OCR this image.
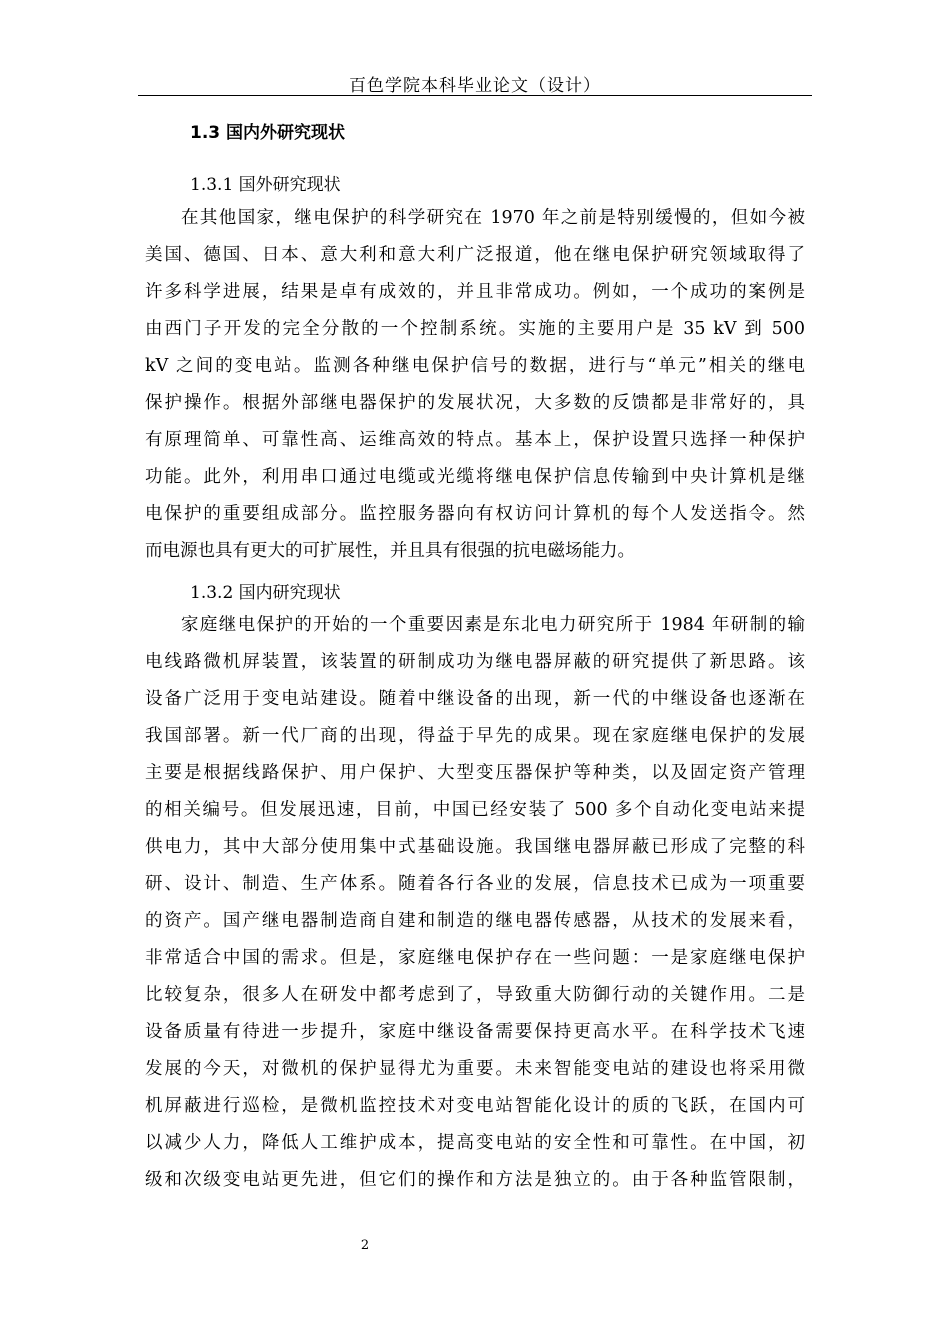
百色学院本科毕业论文（设计）
1.3 国内外研究现状
1.3.1 国外研究现状
在其他国家，继电保护的科学研究在 1970 年之前是特别缓慢的，但如今被
美国、德国、日本、意大利和意大利广泛报道，他在继电保护研究领域取得了
许多科学进展，结果是卓有成效的，并且非常成功。例如，一个成功的案例是
由西门子开发的完全分散的一个控制系统。实施的主要用户是 35 kV 到 500
kV 之间的变电站。监测各种继电保护信号的数据，进行与“单元”相关的继电
保护操作。根据外部继电器保护的发展状况，大多数的反馈都是非常好的，具
有原理简单、可靠性高、运维高效的特点。基本上，保护设置只选择一种保护
功能。此外，利用串口通过电缆或光缆将继电保护信息传输到中央计算机是继
电保护的重要组成部分。监控服务器向有权访问计算机的每个人发送指令。然
而电源也具有更大的可扩展性，并且具有很强的抗电磁场能力。
1.3.2 国内研究现状
家庭继电保护的开始的一个重要因素是东北电力研究所于 1984 年研制的输
电线路微机屏装置，该装置的研制成功为继电器屏蔽的研究提供了新思路。该
设备广泛用于变电站建设。随着中继设备的出现，新一代的中继设备也逐渐在
我国部署。新一代厂商的出现，得益于早先的成果。现在家庭继电保护的发展
主要是根据线路保护、用户保护、大型变压器保护等种类，以及固定资产管理
的相关编号。但发展迅速，目前，中国已经安装了 500 多个自动化变电站来提
供电力，其中大部分使用集中式基础设施。我国继电器屏蔽已形成了完整的科
研、设计、制造、生产体系。随着各行各业的发展，信息技术已成为一项重要
的资产。国产继电器制造商自建和制造的继电器传感器，从技术的发展来看，
非常适合中国的需求。但是，家庭继电保护存在一些问题：一是家庭继电保护
比较复杂，很多人在研发中都考虑到了，导致重大防御行动的关键作用。二是
设备质量有待进一步提升，家庭中继设备需要保持更高水平。在科学技术飞速
发展的今天，对微机的保护显得尤为重要。未来智能变电站的建设也将采用微
机屏蔽进行巡检，是微机监控技术对变电站智能化设计的质的飞跃，在国内可
以减少人力，降低人工维护成本，提高变电站的安全性和可靠性。在中国，初
级和次级变电站更先进，但它们的操作和方法是独立的。由于各种监管限制，
2
